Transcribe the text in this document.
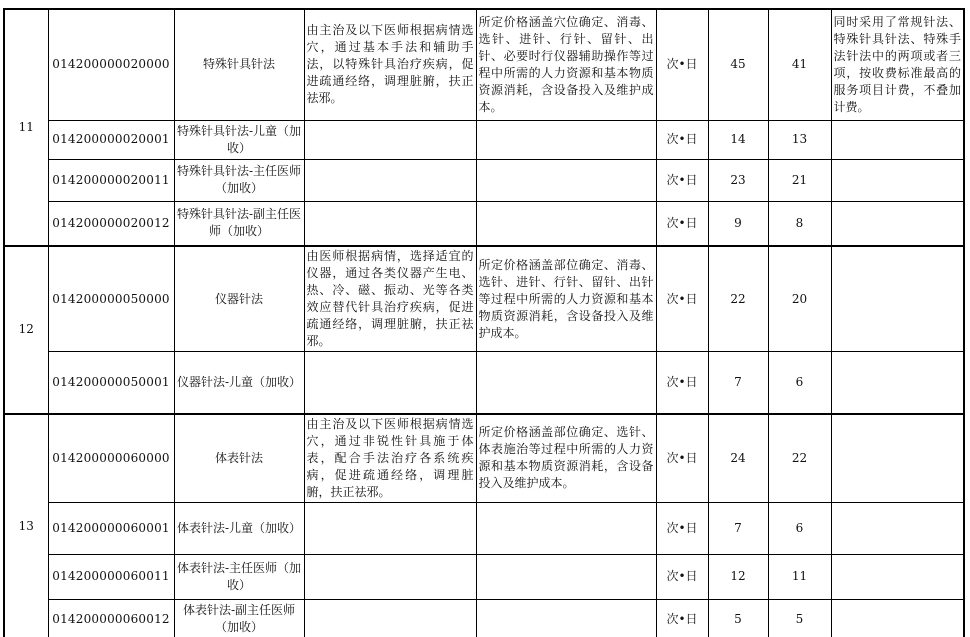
11	014200000020000	特殊针具针法	由主治及以下医师根据病情选穴，通过基本手法和辅助手法，以特殊针具治疗疾病，促进疏通经络，调理脏腑，扶正祛邪。	所定价格涵盖穴位确定、消毒、选针、进针、行针、留针、出针、必要时行仪器辅助操作等过程中所需的人力资源和基本物质资源消耗，含设备投入及维护成本。	次•日	45	41	同时采用了常规针法、特殊针具针法、特殊手法针法中的两项或者三项，按收费标准最高的服务项目计费，不叠加计费。
	014200000020001	特殊针具针法-儿童（加收）			次•日	14	13	
	014200000020011	特殊针具针法-主任医师（加收）			次•日	23	21	
	014200000020012	特殊针具针法-副主任医师（加收）			次•日	9	8	
12	014200000050000	仪器针法	由医师根据病情，选择适宜的仪器，通过各类仪器产生电、热、冷、磁、振动、光等各类效应替代针具治疗疾病，促进疏通经络，调理脏腑，扶正祛邪。	所定价格涵盖部位确定、消毒、选针、进针、行针、留针、出针等过程中所需的人力资源和基本物质资源消耗，含设备投入及维护成本。	次•日	22	20	
	014200000050001	仪器针法-儿童（加收）			次•日	7	6	
13	014200000060000	体表针法	由主治及以下医师根据病情选穴，通过非锐性针具施于体表，配合手法治疗各系统疾病，促进疏通经络，调理脏腑，扶正祛邪。	所定价格涵盖部位确定、选针、体表施治等过程中所需的人力资源和基本物质资源消耗，含设备投入及维护成本。	次•日	24	22	
	014200000060001	体表针法-儿童（加收）			次•日	7	6	
	014200000060011	体表针法-主任医师（加收）			次•日	12	11	
	014200000060012	体表针法-副主任医师（加收）			次•日	5	5	
